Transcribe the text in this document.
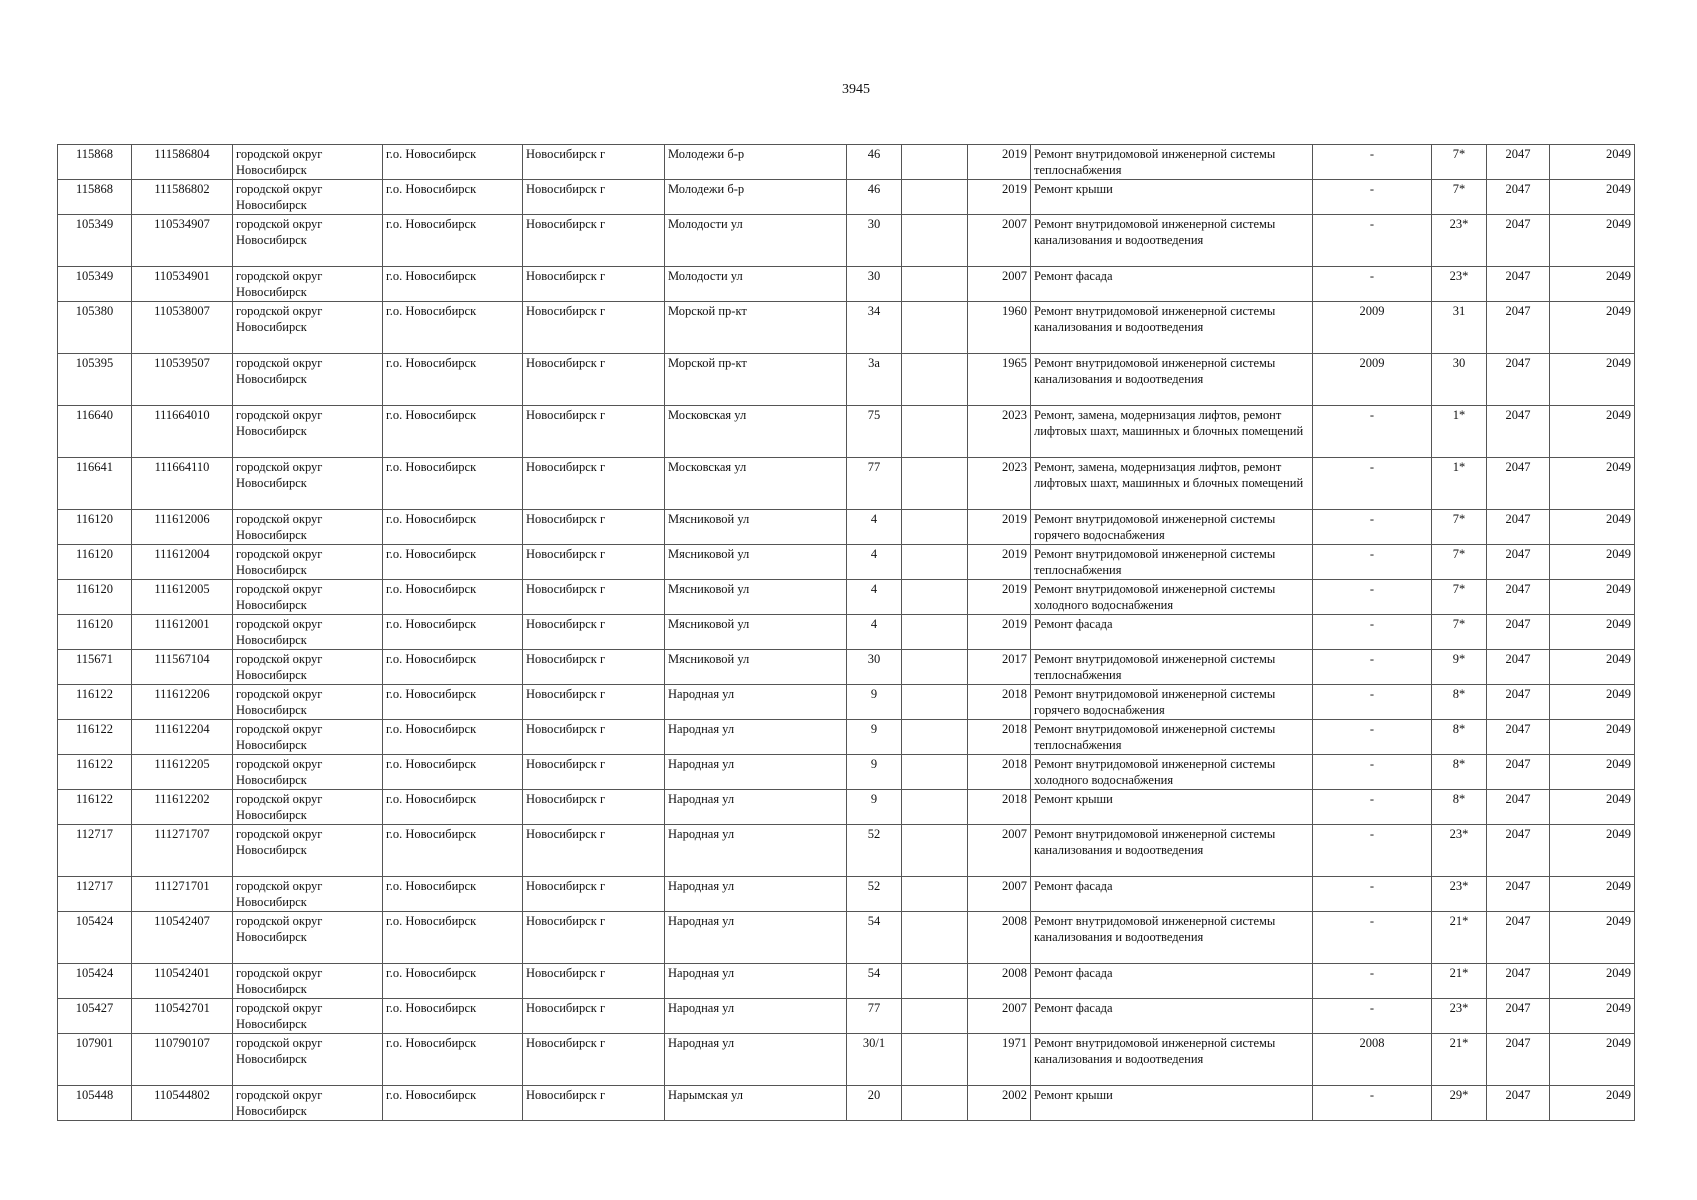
3945
115868	111586804	городской округ Новосибирск	г.о. Новосибирск	Новосибирск г	Молодежи б-р	46		2019	Ремонт внутридомовой инженерной системы теплоснабжения	-	7*	2047	2049
115868	111586802	городской округ Новосибирск	г.о. Новосибирск	Новосибирск г	Молодежи б-р	46		2019	Ремонт крыши	-	7*	2047	2049
105349	110534907	городской округ Новосибирск	г.о. Новосибирск	Новосибирск г	Молодости ул	30		2007	Ремонт внутридомовой инженерной системы канализования и водоотведения	-	23*	2047	2049
105349	110534901	городской округ Новосибирск	г.о. Новосибирск	Новосибирск г	Молодости ул	30		2007	Ремонт фасада	-	23*	2047	2049
105380	110538007	городской округ Новосибирск	г.о. Новосибирск	Новосибирск г	Морской пр-кт	34		1960	Ремонт внутридомовой инженерной системы канализования и водоотведения	2009	31	2047	2049
105395	110539507	городской округ Новосибирск	г.о. Новосибирск	Новосибирск г	Морской пр-кт	3а		1965	Ремонт внутридомовой инженерной системы канализования и водоотведения	2009	30	2047	2049
116640	111664010	городской округ Новосибирск	г.о. Новосибирск	Новосибирск г	Московская ул	75		2023	Ремонт, замена, модернизация лифтов, ремонт лифтовых шахт, машинных и блочных помещений	-	1*	2047	2049
116641	111664110	городской округ Новосибирск	г.о. Новосибирск	Новосибирск г	Московская ул	77		2023	Ремонт, замена, модернизация лифтов, ремонт лифтовых шахт, машинных и блочных помещений	-	1*	2047	2049
116120	111612006	городской округ Новосибирск	г.о. Новосибирск	Новосибирск г	Мясниковой ул	4		2019	Ремонт внутридомовой инженерной системы горячего водоснабжения	-	7*	2047	2049
116120	111612004	городской округ Новосибирск	г.о. Новосибирск	Новосибирск г	Мясниковой ул	4		2019	Ремонт внутридомовой инженерной системы теплоснабжения	-	7*	2047	2049
116120	111612005	городской округ Новосибирск	г.о. Новосибирск	Новосибирск г	Мясниковой ул	4		2019	Ремонт внутридомовой инженерной системы холодного водоснабжения	-	7*	2047	2049
116120	111612001	городской округ Новосибирск	г.о. Новосибирск	Новосибирск г	Мясниковой ул	4		2019	Ремонт фасада	-	7*	2047	2049
115671	111567104	городской округ Новосибирск	г.о. Новосибирск	Новосибирск г	Мясниковой ул	30		2017	Ремонт внутридомовой инженерной системы теплоснабжения	-	9*	2047	2049
116122	111612206	городской округ Новосибирск	г.о. Новосибирск	Новосибирск г	Народная ул	9		2018	Ремонт внутридомовой инженерной системы горячего водоснабжения	-	8*	2047	2049
116122	111612204	городской округ Новосибирск	г.о. Новосибирск	Новосибирск г	Народная ул	9		2018	Ремонт внутридомовой инженерной системы теплоснабжения	-	8*	2047	2049
116122	111612205	городской округ Новосибирск	г.о. Новосибирск	Новосибирск г	Народная ул	9		2018	Ремонт внутридомовой инженерной системы холодного водоснабжения	-	8*	2047	2049
116122	111612202	городской округ Новосибирск	г.о. Новосибирск	Новосибирск г	Народная ул	9		2018	Ремонт крыши	-	8*	2047	2049
112717	111271707	городской округ Новосибирск	г.о. Новосибирск	Новосибирск г	Народная ул	52		2007	Ремонт внутридомовой инженерной системы канализования и водоотведения	-	23*	2047	2049
112717	111271701	городской округ Новосибирск	г.о. Новосибирск	Новосибирск г	Народная ул	52		2007	Ремонт фасада	-	23*	2047	2049
105424	110542407	городской округ Новосибирск	г.о. Новосибирск	Новосибирск г	Народная ул	54		2008	Ремонт внутридомовой инженерной системы канализования и водоотведения	-	21*	2047	2049
105424	110542401	городской округ Новосибирск	г.о. Новосибирск	Новосибирск г	Народная ул	54		2008	Ремонт фасада	-	21*	2047	2049
105427	110542701	городской округ Новосибирск	г.о. Новосибирск	Новосибирск г	Народная ул	77		2007	Ремонт фасада	-	23*	2047	2049
107901	110790107	городской округ Новосибирск	г.о. Новосибирск	Новосибирск г	Народная ул	30/1		1971	Ремонт внутридомовой инженерной системы канализования и водоотведения	2008	21*	2047	2049
105448	110544802	городской округ Новосибирск	г.о. Новосибирск	Новосибирск г	Нарымская ул	20		2002	Ремонт крыши	-	29*	2047	2049
